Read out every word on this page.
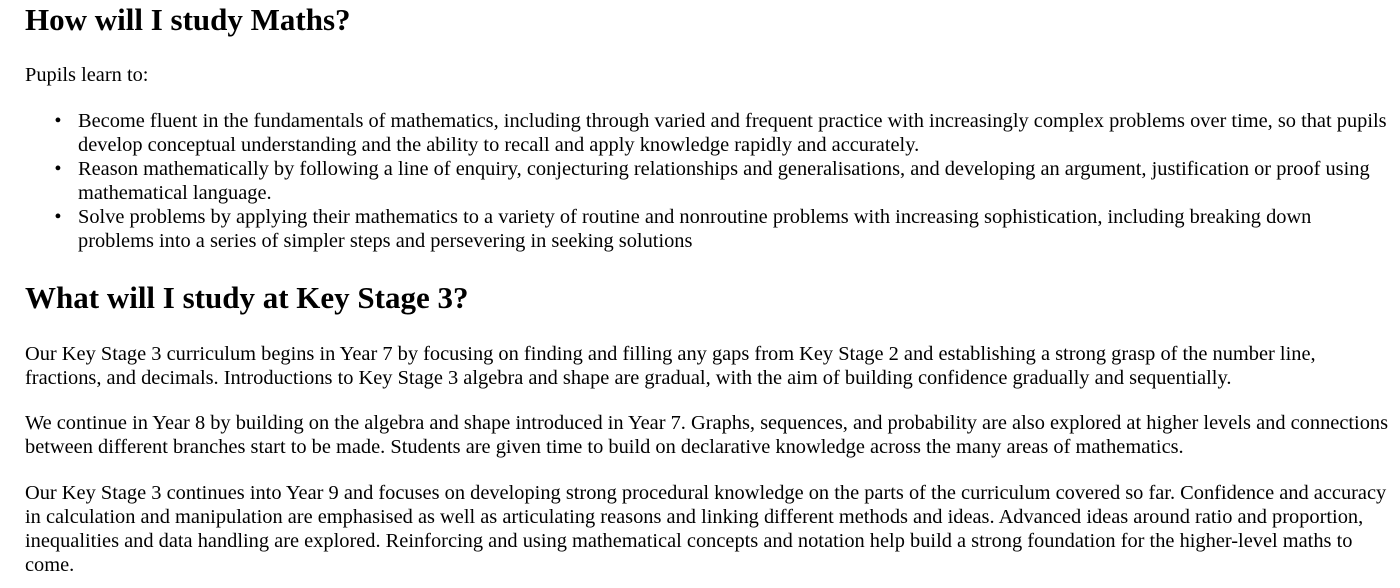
How will I study Maths?

Pupils learn to:

• Become fluent in the fundamentals of mathematics, including through varied and frequent practice with increasingly complex problems over time, so that pupils develop conceptual understanding and the ability to recall and apply knowledge rapidly and accurately.
• Reason mathematically by following a line of enquiry, conjecturing relationships and generalisations, and developing an argument, justification or proof using mathematical language.
• Solve problems by applying their mathematics to a variety of routine and nonroutine problems with increasing sophistication, including breaking down problems into a series of simpler steps and persevering in seeking solutions
What will I study at Key Stage 3?

Our Key Stage 3 curriculum begins in Year 7 by focusing on finding and filling any gaps from Key Stage 2 and establishing a strong grasp of the number line, fractions, and decimals. Introductions to Key Stage 3 algebra and shape are gradual, with the aim of building confidence gradually and sequentially.

We continue in Year 8 by building on the algebra and shape introduced in Year 7. Graphs, sequences, and probability are also explored at higher levels and connections between different branches start to be made. Students are given time to build on declarative knowledge across the many areas of mathematics.

Our Key Stage 3 continues into Year 9 and focuses on developing strong procedural knowledge on the parts of the curriculum covered so far. Confidence and accuracy in calculation and manipulation are emphasised as well as articulating reasons and linking different methods and ideas. Advanced ideas around ratio and proportion, inequalities and data handling are explored. Reinforcing and using mathematical concepts and notation help build a strong foundation for the higher-level maths to come.
